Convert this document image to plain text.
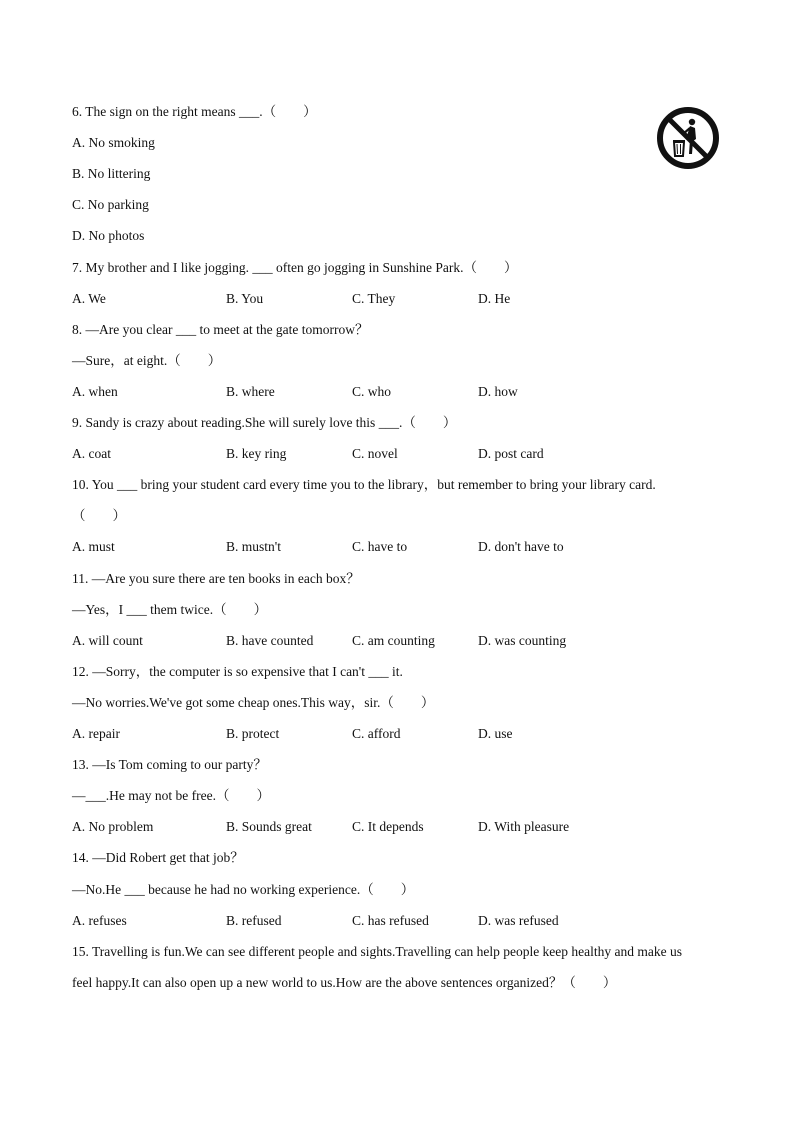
6. The sign on the right means ___.（　　）
A. No smoking
B. No littering
C. No parking
D. No photos
7. My brother and I like jogging. ___ often go jogging in Sunshine Park.（　　）
A. We	B. You	C. They	D. He
8. —Are you clear ___ to meet at the gate tomorrow？
—Sure，at eight.（　　）
A. when	B. where	C. who	D. how
9. Sandy is crazy about reading.She will surely love this ___.（　　）
A. coat	B. key ring	C. novel	D. post card
10. You ___ bring your student card every time you to the library，but remember to bring your library card.
（　　）
A. must	B. mustn't	C. have to	D. don't have to
11. —Are you sure there are ten books in each box？
—Yes，I ___ them twice.（　　）
A. will count	B. have counted	C. am counting	D. was counting
12. —Sorry，the computer is so expensive that I can't ___ it.
—No worries.We've got some cheap ones.This way，sir.（　　）
A. repair	B. protect	C. afford	D. use
13. —Is Tom coming to our party？
—___.He may not be free.（　　）
A. No problem	B. Sounds great	C. It depends	D. With pleasure
14. —Did Robert get that job？
—No.He ___ because he had no working experience.（　　）
A. refuses	B. refused	C. has refused	D. was refused
15. Travelling is fun.We can see different people and sights.Travelling can help people keep healthy and make us
feel happy.It can also open up a new world to us.How are the above sentences organized？（　　）
